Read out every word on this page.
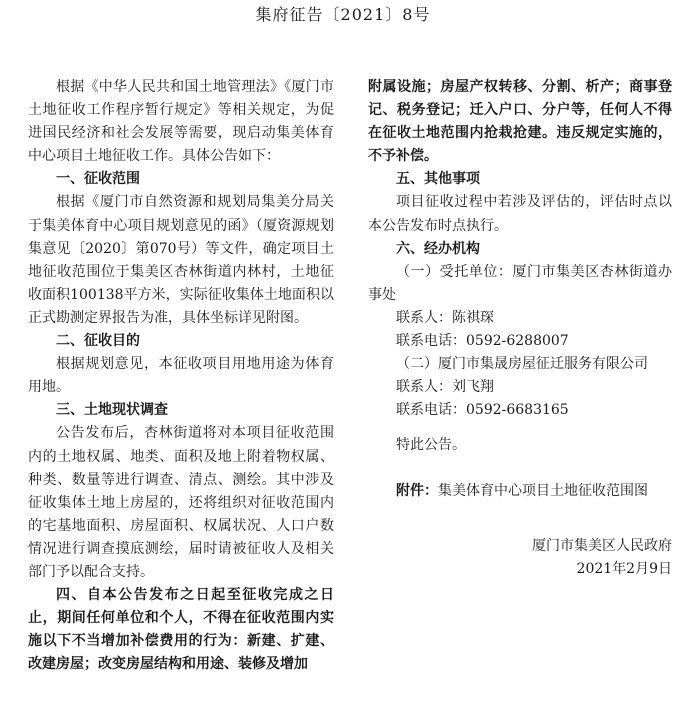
集府征告〔2021〕8号

根据《中华人民共和国土地管理法》《厦门市土地征收工作程序暂行规定》等相关规定，为促进国民经济和社会发展等需要，现启动集美体育中心项目土地征收工作。具体公告如下：

一、征收范围

根据《厦门市自然资源和规划局集美分局关于集美体育中心项目规划意见的函》（厦资源规划集意见〔2020〕第070号）等文件，确定项目土地征收范围位于集美区杏林街道内林村，土地征收面积100138平方米，实际征收集体土地面积以正式勘测定界报告为准，具体坐标详见附图。

二、征收目的

根据规划意见，本征收项目用地用途为体育用地。

三、土地现状调查

公告发布后，杏林街道将对本项目征收范围内的土地权属、地类、面积及地上附着物权属、种类、数量等进行调查、清点、测绘。其中涉及征收集体土地上房屋的，还将组织对征收范围内的宅基地面积、房屋面积、权属状况、人口户数情况进行调查摸底测绘，届时请被征收人及相关部门予以配合支持。

四、自本公告发布之日起至征收完成之日止，期间任何单位和个人，不得在征收范围内实施以下不当增加补偿费用的行为：新建、扩建、改建房屋；改变房屋结构和用途、装修及增加

附属设施；房屋产权转移、分割、析产；商事登记、税务登记；迁入户口、分户等，任何人不得在征收土地范围内抢栽抢建。违反规定实施的，不予补偿。

五、其他事项

项目征收过程中若涉及评估的，评估时点以本公告发布时点执行。

六、经办机构

（一）受托单位：厦门市集美区杏林街道办事处

联系人：陈祺琛

联系电话：0592-6288007

（二）厦门市集晟房屋征迁服务有限公司

联系人：刘飞翔

联系电话：0592-6683165

特此公告。

附件：集美体育中心项目土地征收范围图

厦门市集美区人民政府

2021年2月9日
